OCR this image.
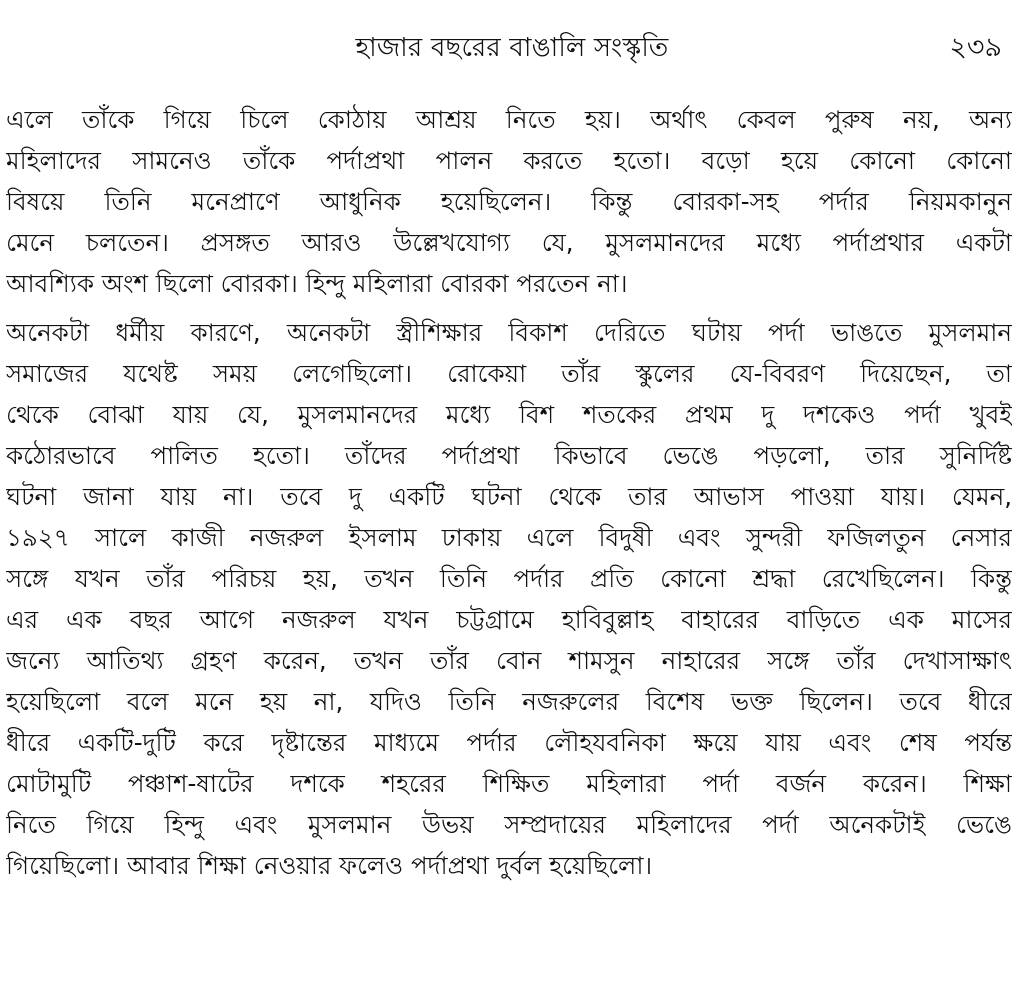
হাজার বছরের বাঙালি সংস্কৃতি	২৩৯
এলে তাঁকে গিয়ে চিলে কোঠায় আশ্রয় নিতে হয়। অর্থাৎ কেবল পুরুষ নয়, অন্য
মহিলাদের সামনেও তাঁকে পর্দাপ্রথা পালন করতে হতো। বড়ো হয়ে কোনো কোনো
বিষয়ে তিনি মনেপ্রাণে আধুনিক হয়েছিলেন। কিন্তু বোরকা-সহ পর্দার নিয়মকানুন
মেনে চলতেন। প্রসঙ্গত আরও উল্লেখযোগ্য যে, মুসলমানদের মধ্যে পর্দাপ্রথার একটা
আবশ্যিক অংশ ছিলো বোরকা। হিন্দু মহিলারা বোরকা পরতেন না।
অনেকটা ধর্মীয় কারণে, অনেকটা স্ত্রীশিক্ষার বিকাশ দেরিতে ঘটায় পর্দা ভাঙতে মুসলমান
সমাজের যথেষ্ট সময় লেগেছিলো। রোকেয়া তাঁর স্কুলের যে-বিবরণ দিয়েছেন, তা
থেকে বোঝা যায় যে, মুসলমানদের মধ্যে বিশ শতকের প্রথম দু দশকেও পর্দা খুবই
কঠোরভাবে পালিত হতো। তাঁদের পর্দাপ্রথা কিভাবে ভেঙে পড়লো, তার সুনির্দিষ্ট
ঘটনা জানা যায় না। তবে দু একটি ঘটনা থেকে তার আভাস পাওয়া যায়। যেমন,
১৯২৭ সালে কাজী নজরুল ইসলাম ঢাকায় এলে বিদুষী এবং সুন্দরী ফজিলতুন নেসার
সঙ্গে যখন তাঁর পরিচয় হয়, তখন তিনি পর্দার প্রতি কোনো শ্রদ্ধা রেখেছিলেন। কিন্তু
এর এক বছর আগে নজরুল যখন চট্টগ্রামে হাবিবুল্লাহ বাহারের বাড়িতে এক মাসের
জন্যে আতিথ্য গ্রহণ করেন, তখন তাঁর বোন শামসুন নাহারের সঙ্গে তাঁর দেখাসাক্ষাৎ
হয়েছিলো বলে মনে হয় না, যদিও তিনি নজরুলের বিশেষ ভক্ত ছিলেন। তবে ধীরে
ধীরে একটি-দুটি করে দৃষ্টান্তের মাধ্যমে পর্দার লৌহযবনিকা ক্ষয়ে যায় এবং শেষ পর্যন্ত
মোটামুটি পঞ্চাশ-ষাটের দশকে শহরের শিক্ষিত মহিলারা পর্দা বর্জন করেন। শিক্ষা
নিতে গিয়ে হিন্দু এবং মুসলমান উভয় সম্প্রদায়ের মহিলাদের পর্দা অনেকটাই ভেঙে
গিয়েছিলো। আবার শিক্ষা নেওয়ার ফলেও পর্দাপ্রথা দুর্বল হয়েছিলো।
